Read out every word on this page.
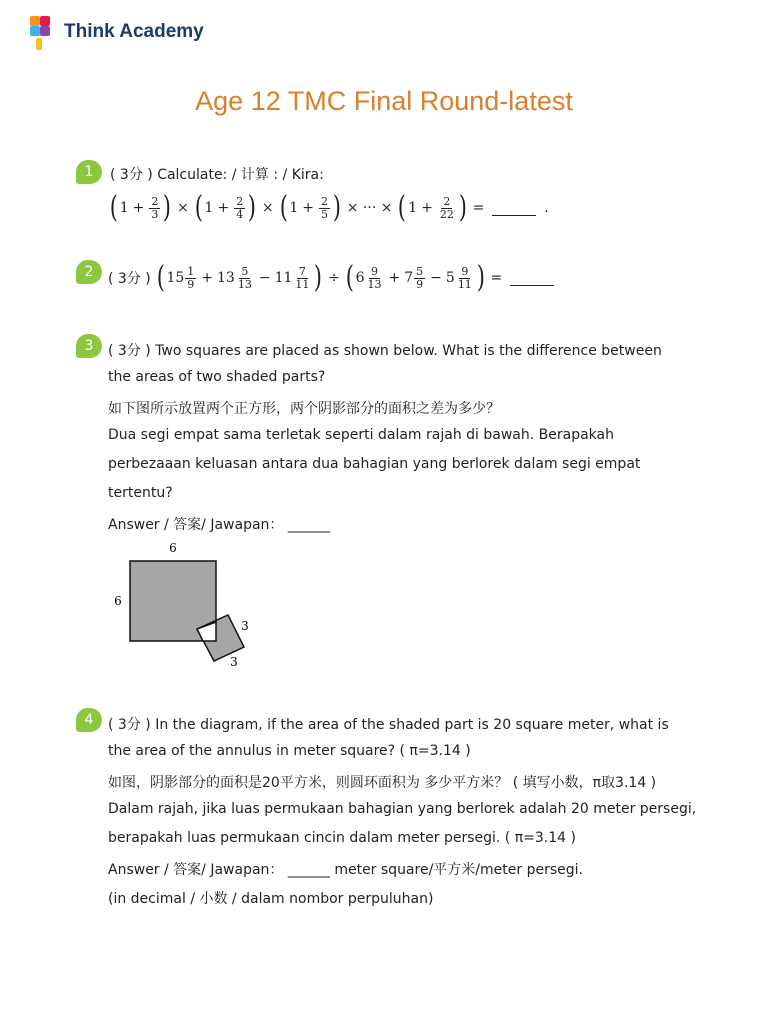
Think Academy
Age 12 TMC Final Round-latest
1	( 3分 ) Calculate: / 计算 : / Kira:
( $1 + \frac{2}{3}$ ) × ( $1 + \frac{2}{4}$ ) × ( $1 + \frac{2}{5}$ ) × ··· × ( $1 + \frac{2}{22}$ ) =	.
2	( 3分 ) ( $15 \frac{1}{9} + 13 \frac{5}{13} - 11 \frac{7}{11}$ ) ÷ ( $6 \frac{9}{13} + 7 \frac{5}{9} - 5 \frac{9}{11}$ ) =
3	( 3分 ) Two squares are placed as shown below. What is the difference between
the areas of two shaded parts?
如下图所示放置两个正方形，两个阴影部分的面积之差为多少？
Dua segi empat sama terletak seperti dalam rajah di bawah. Berapakah
perbezaaan keluasan antara dua bahagian yang berlorek dalam segi empat
tertentu?
Answer / 答案/ Jawapan： ______
6
6
3
3
4	( 3分 ) In the diagram, if the area of the shaded part is 20 square meter, what is
the area of the annulus in meter square? ( π=3.14 )
如图，阴影部分的面积是20平方米，则圆环面积为 多少平方米？ ( 填写小数，π取3.14 )
Dalam rajah, jika luas permukaan bahagian yang berlorek adalah 20 meter persegi,
berapakah luas permukaan cincin dalam meter persegi. ( π=3.14 )
Answer / 答案/ Jawapan： ______ meter square/平方米/meter persegi.
(in decimal / 小数 / dalam nombor perpuluhan)
